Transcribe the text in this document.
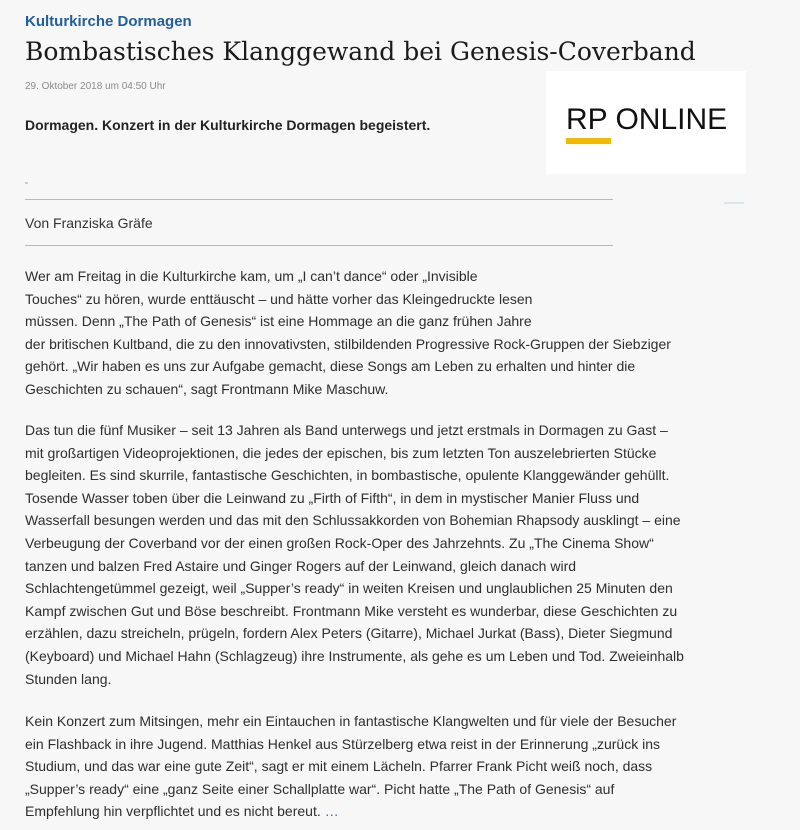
Kulturkirche Dormagen
Bombastisches Klanggewand bei Genesis-Coverband
29. Oktober 2018 um 04:50 Uhr
Dormagen. Konzert in der Kulturkirche Dormagen begeistert.	RP ONLINE
Von Franziska Gräfe
Wer am Freitag in die Kulturkirche kam, um „I can’t dance“ oder „Invisible
Touches“ zu hören, wurde enttäuscht – und hätte vorher das Kleingedruckte lesen
müssen. Denn „The Path of Genesis“ ist eine Hommage an die ganz frühen Jahre
der britischen Kultband, die zu den innovativsten, stilbildenden Progressive Rock-Gruppen der Siebziger
gehört. „Wir haben es uns zur Aufgabe gemacht, diese Songs am Leben zu erhalten und hinter die
Geschichten zu schauen“, sagt Frontmann Mike Maschuw.
Das tun die fünf Musiker – seit 13 Jahren als Band unterwegs und jetzt erstmals in Dormagen zu Gast –
mit großartigen Videoprojektionen, die jedes der epischen, bis zum letzten Ton auszelebrierten Stücke
begleiten. Es sind skurrile, fantastische Geschichten, in bombastische, opulente Klanggewänder gehüllt.
Tosende Wasser toben über die Leinwand zu „Firth of Fifth“, in dem in mystischer Manier Fluss und
Wasserfall besungen werden und das mit den Schlussakkorden von Bohemian Rhapsody ausklingt – eine
Verbeugung der Coverband vor der einen großen Rock-Oper des Jahrzehnts. Zu „The Cinema Show“
tanzen und balzen Fred Astaire und Ginger Rogers auf der Leinwand, gleich danach wird
Schlachtengetümmel gezeigt, weil „Supper’s ready“ in weiten Kreisen und unglaublichen 25 Minuten den
Kampf zwischen Gut und Böse beschreibt. Frontmann Mike versteht es wunderbar, diese Geschichten zu
erzählen, dazu streicheln, prügeln, fordern Alex Peters (Gitarre), Michael Jurkat (Bass), Dieter Siegmund
(Keyboard) und Michael Hahn (Schlagzeug) ihre Instrumente, als gehe es um Leben und Tod. Zweieinhalb
Stunden lang.
Kein Konzert zum Mitsingen, mehr ein Eintauchen in fantastische Klangwelten und für viele der Besucher
ein Flashback in ihre Jugend. Matthias Henkel aus Stürzelberg etwa reist in der Erinnerung „zurück ins
Studium, und das war eine gute Zeit“, sagt er mit einem Lächeln. Pfarrer Frank Picht weiß noch, dass
„Supper’s ready“ eine „ganz Seite einer Schallplatte war“. Picht hatte „The Path of Genesis“ auf
Empfehlung hin verpflichtet und es nicht bereut. …
